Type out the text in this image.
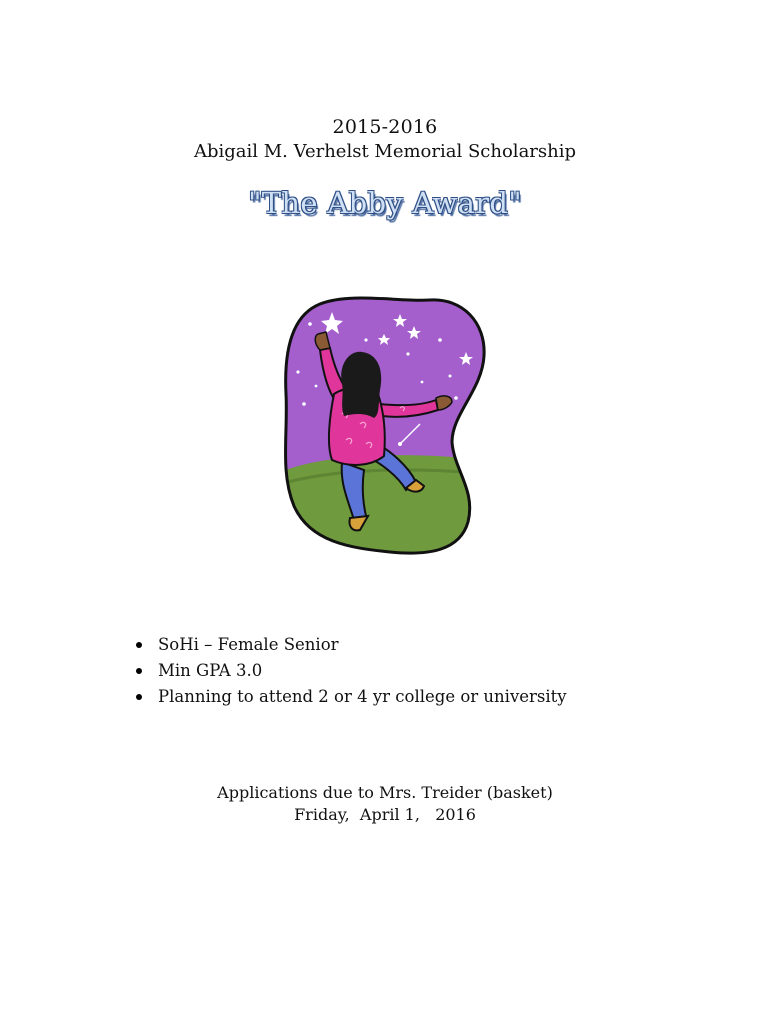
2015-2016
Abigail M. Verhelst Memorial Scholarship
"The Abby Award"
SoHi – Female Senior
Min GPA 3.0
Planning to attend 2 or 4 yr college or university
Applications due to Mrs. Treider (basket)
Friday,  April 1,   2016
